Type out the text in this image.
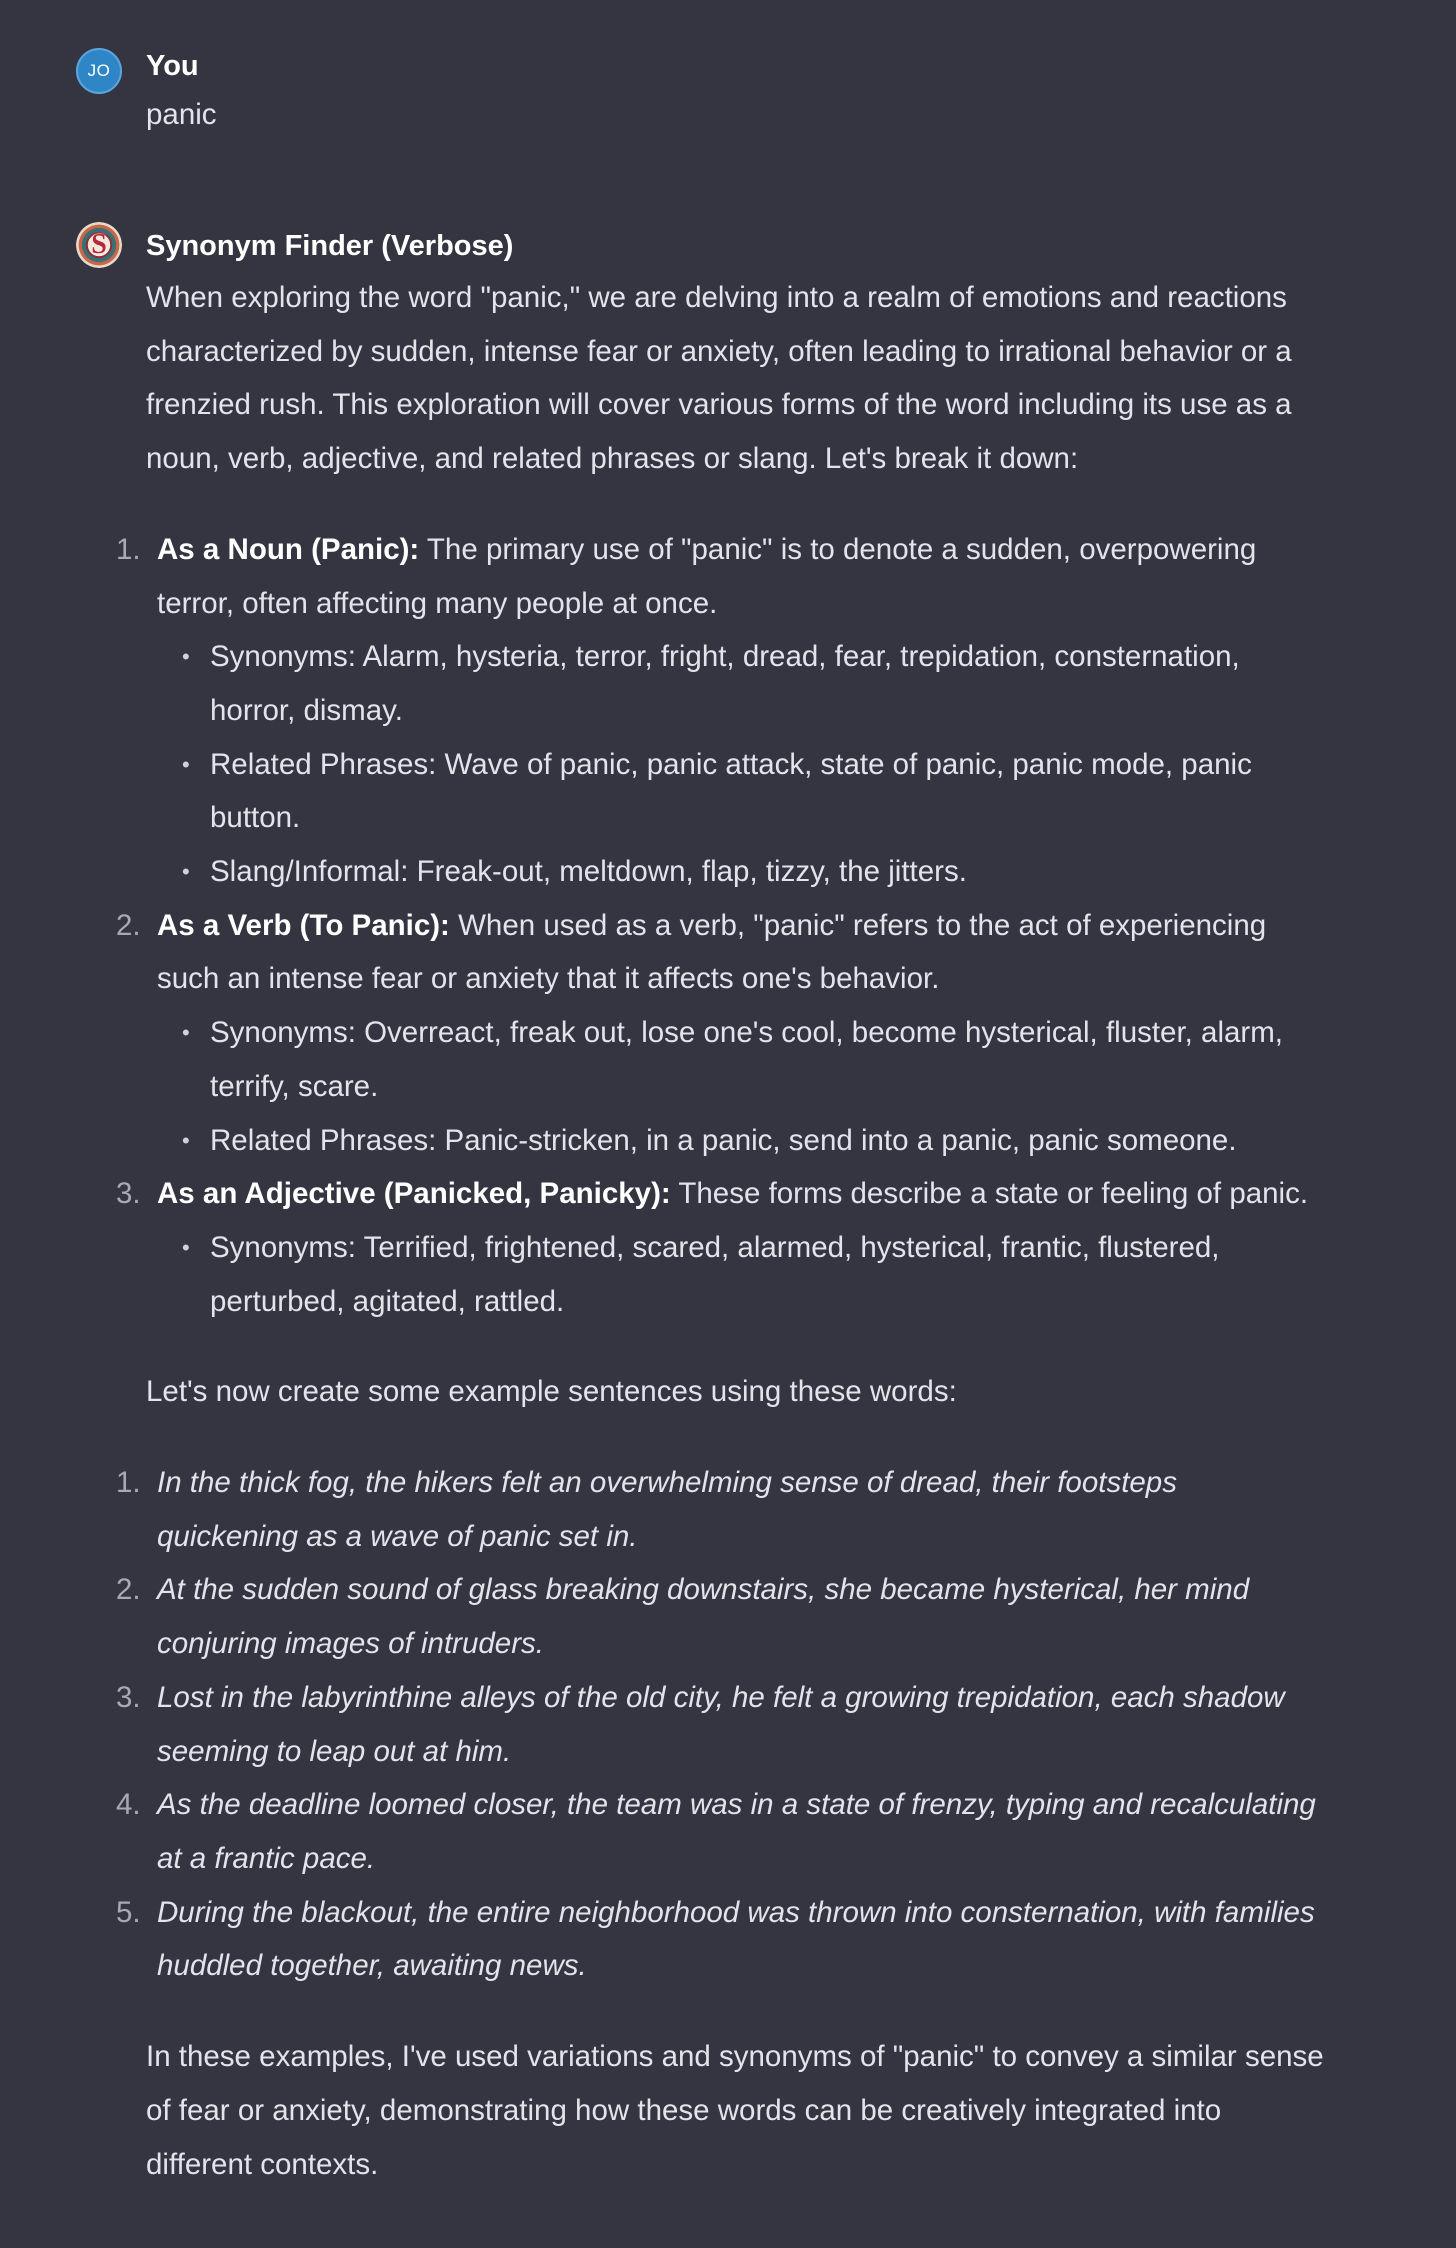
JO You
panic
S Synonym Finder (Verbose)

When exploring the word "panic," we are delving into a realm of emotions and reactions characterized by sudden, intense fear or anxiety, often leading to irrational behavior or a frenzied rush. This exploration will cover various forms of the word including its use as a noun, verb, adjective, and related phrases or slang. Let's break it down:

1. As a Noun (Panic): The primary use of "panic" is to denote a sudden, overpowering terror, often affecting many people at once.
• Synonyms: Alarm, hysteria, terror, fright, dread, fear, trepidation, consternation, horror, dismay.
• Related Phrases: Wave of panic, panic attack, state of panic, panic mode, panic button.
• Slang/Informal: Freak-out, meltdown, flap, tizzy, the jitters.
2. As a Verb (To Panic): When used as a verb, "panic" refers to the act of experiencing such an intense fear or anxiety that it affects one's behavior.
• Synonyms: Overreact, freak out, lose one's cool, become hysterical, fluster, alarm, terrify, scare.
• Related Phrases: Panic-stricken, in a panic, send into a panic, panic someone.
3. As an Adjective (Panicked, Panicky): These forms describe a state or feeling of panic.
• Synonyms: Terrified, frightened, scared, alarmed, hysterical, frantic, flustered, perturbed, agitated, rattled.

Let's now create some example sentences using these words:

1. In the thick fog, the hikers felt an overwhelming sense of dread, their footsteps quickening as a wave of panic set in.
2. At the sudden sound of glass breaking downstairs, she became hysterical, her mind conjuring images of intruders.
3. Lost in the labyrinthine alleys of the old city, he felt a growing trepidation, each shadow seeming to leap out at him.
4. As the deadline loomed closer, the team was in a state of frenzy, typing and recalculating at a frantic pace.
5. During the blackout, the entire neighborhood was thrown into consternation, with families huddled together, awaiting news.

In these examples, I've used variations and synonyms of "panic" to convey a similar sense of fear or anxiety, demonstrating how these words can be creatively integrated into different contexts.
